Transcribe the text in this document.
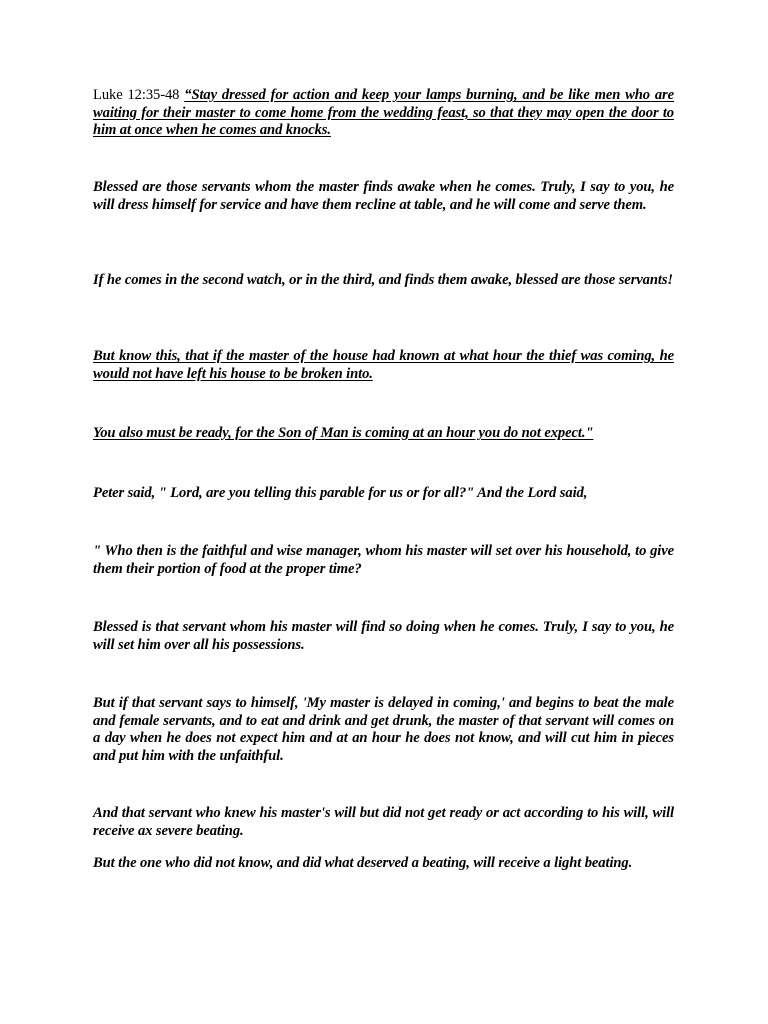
Luke 12:35-48 “Stay dressed for action and keep your lamps burning, and be like men who are waiting for their master to come home from the wedding feast, so that they may open the door to him at once when he comes and knocks.

Blessed are those servants whom the master finds awake when he comes. Truly, I say to you, he will dress himself for service and have them recline at table, and he will come and serve them.

If he comes in the second watch, or in the third, and finds them awake, blessed are those servants!

But know this, that if the master of the house had known at what hour the thief was coming, he would not have left his house to be broken into.

You also must be ready, for the Son of Man is coming at an hour you do not expect."

Peter said, " Lord, are you telling this parable for us or for all?" And the Lord said,

" Who then is the faithful and wise manager, whom his master will set over his household, to give them their portion of food at the proper time?

Blessed is that servant whom his master will find so doing when he comes. Truly, I say to you, he will set him over all his possessions.

But if that servant says to himself, 'My master is delayed in coming,' and begins to beat the male and female servants, and to eat and drink and get drunk, the master of that servant will comes on a day when he does not expect him and at an hour he does not know, and will cut him in pieces and put him with the unfaithful.

And that servant who knew his master's will but did not get ready or act according to his will, will receive ax severe beating.

But the one who did not know, and did what deserved a beating, will receive a light beating.
